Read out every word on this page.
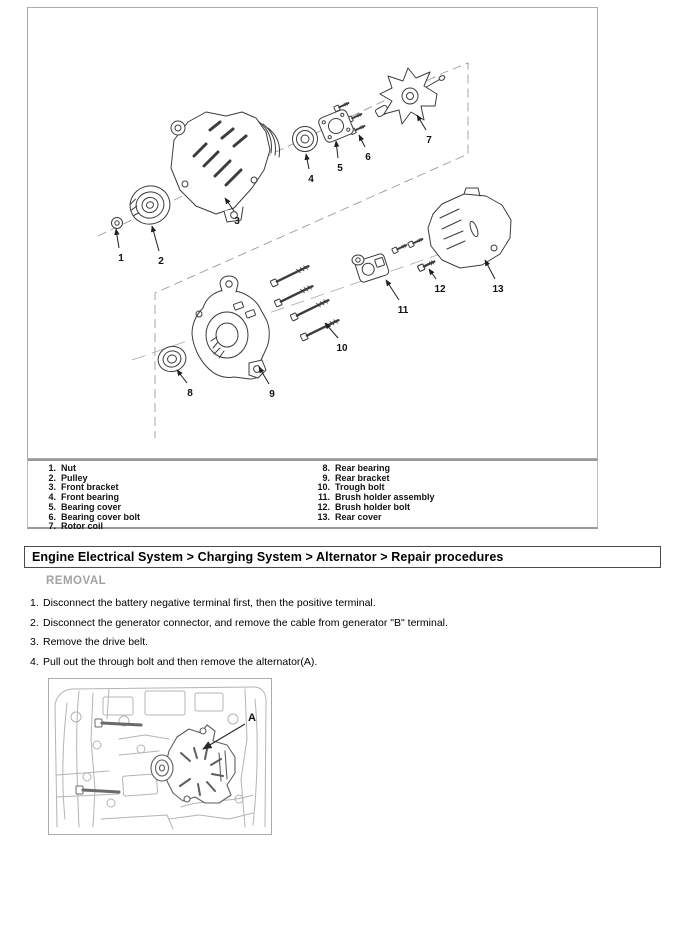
1	2
3
4
5
6
7
8	9
10
11
12	13
1. Nut
2. Pulley
3. Front bracket
4. Front bearing
5. Bearing cover
6. Bearing cover bolt
7. Rotor coil
8. Rear bearing
9. Rear bracket
10. Trough bolt
11. Brush holder assembly
12. Brush holder bolt
13. Rear cover
Engine Electrical System > Charging System > Alternator > Repair procedures
REMOVAL
1. Disconnect the battery negative terminal first, then the positive terminal.
2. Disconnect the generator connector, and remove the cable from generator "B" terminal.
3. Remove the drive belt.
4. Pull out the through bolt and then remove the alternator(A).
A
